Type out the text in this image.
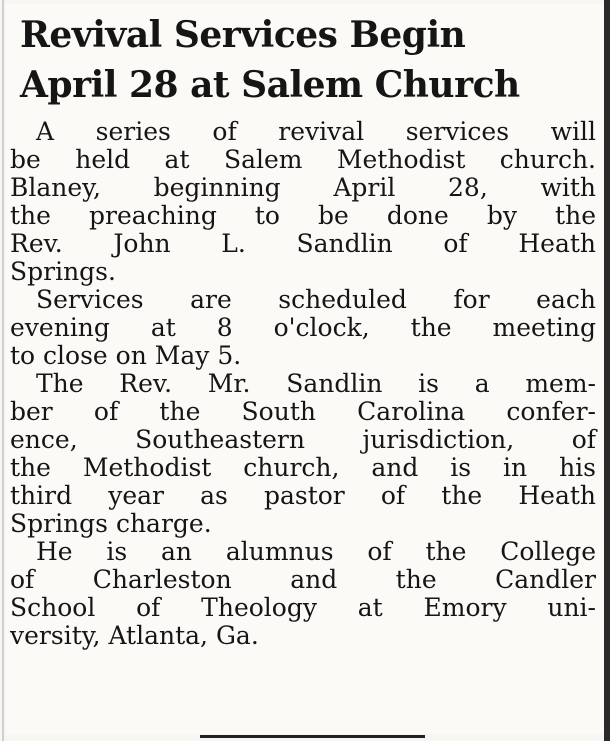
Revival Services Begin
April 28 at Salem Church

A series of revival services will
be held at Salem Methodist church.
Blaney, beginning April 28, with
the preaching to be done by the
Rev. John L. Sandlin of Heath
Springs.

Services are scheduled for each
evening at 8 o'clock, the meeting
to close on May 5.

The Rev. Mr. Sandlin is a mem-
ber of the South Carolina confer-
ence, Southeastern jurisdiction, of
the Methodist church, and is in his
third year as pastor of the Heath
Springs charge.

He is an alumnus of the College
of Charleston and the Candler
School of Theology at Emory uni-
versity, Atlanta, Ga.
